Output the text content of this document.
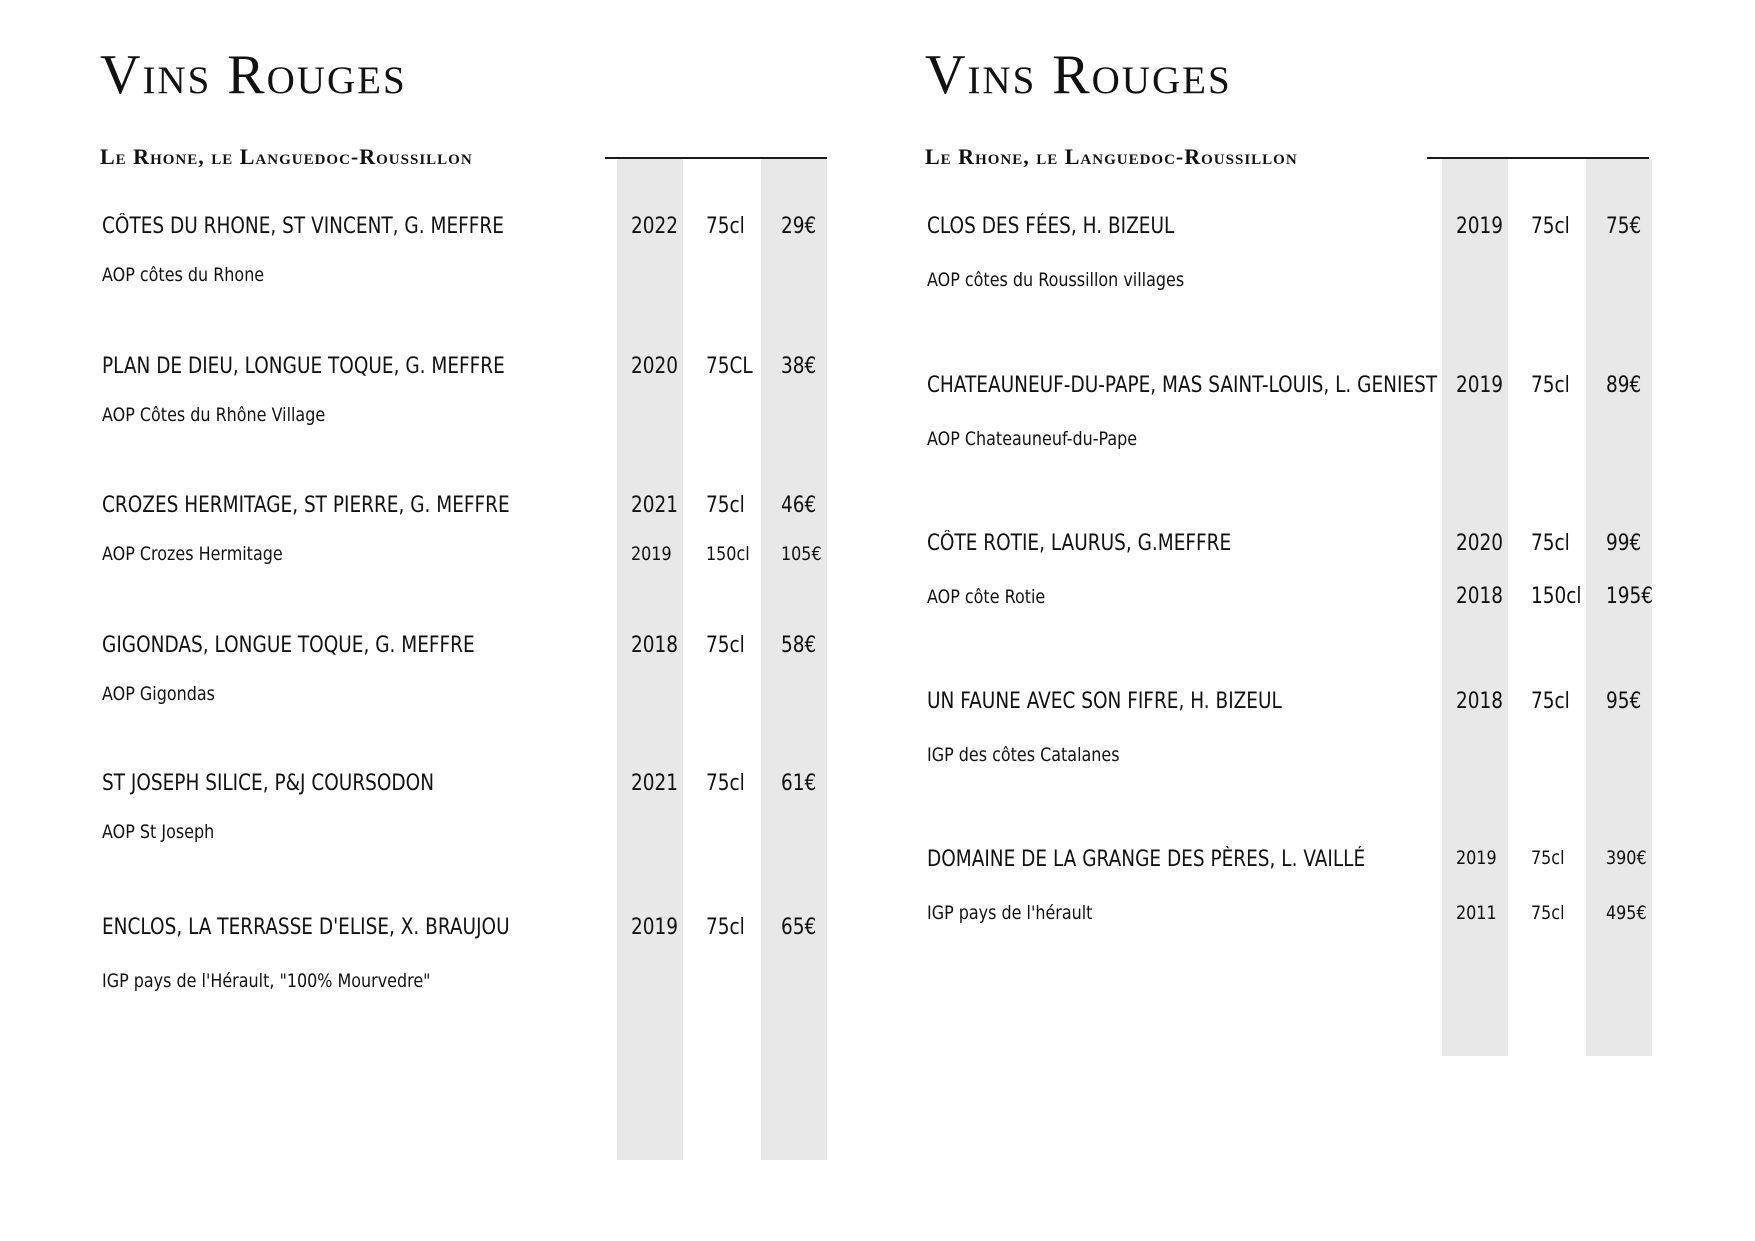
Vins Rouges
Le Rhone, le Languedoc-Roussillon
CÔTES DU RHONE, ST VINCENT, G. MEFFRE	2022 75cl 29€
AOP côtes du Rhone
PLAN DE DIEU, LONGUE TOQUE, G. MEFFRE	2020 75CL 38€
AOP Côtes du Rhône Village
CROZES HERMITAGE, ST PIERRE, G. MEFFRE	2021 75cl 46€
AOP Crozes Hermitage	2019 150cl 105€
GIGONDAS, LONGUE TOQUE, G. MEFFRE	2018 75cl 58€
AOP Gigondas
ST JOSEPH SILICE, P&J COURSODON	2021 75cl 61€
AOP St Joseph
ENCLOS, LA TERRASSE D'ELISE, X. BRAUJOU	2019 75cl 65€
IGP pays de l'Hérault, "100% Mourvedre"
Vins Rouges
Le Rhone, le Languedoc-Roussillon
CLOS DES FÉES, H. BIZEUL	2019 75cl 75€
AOP côtes du Roussillon villages
CHATEAUNEUF-DU-PAPE, MAS SAINT-LOUIS, L. GENIEST 2019 75cl 89€
AOP Chateauneuf-du-Pape
CÔTE ROTIE, LAURUS, G.MEFFRE	2020 75cl 99€
AOP côte Rotie	2018 150cl 195€
UN FAUNE AVEC SON FIFRE, H. BIZEUL	2018 75cl 95€
IGP des côtes Catalanes
DOMAINE DE LA GRANGE DES PÈRES, L. VAILLÉ	2019 75cl 390€
IGP pays de l'hérault	2011 75cl 495€
